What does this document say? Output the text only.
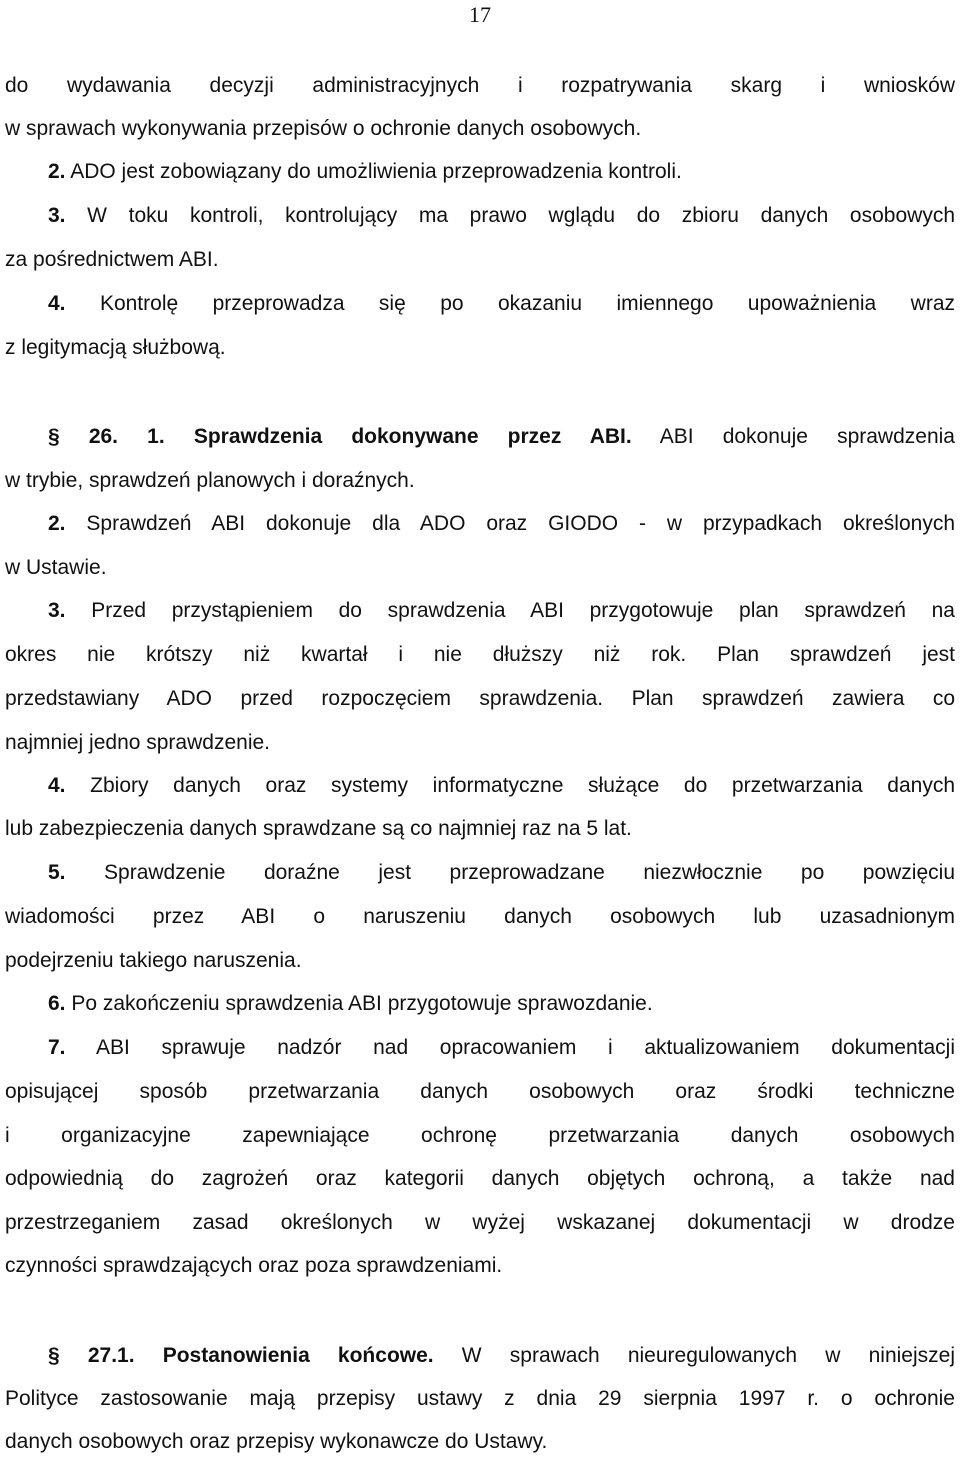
17
do wydawania decyzji administracyjnych i rozpatrywania skarg i wniosków
w sprawach wykonywania przepisów o ochronie danych osobowych.
2. ADO jest zobowiązany do umożliwienia przeprowadzenia kontroli.
3. W toku kontroli, kontrolujący ma prawo wglądu do zbioru danych osobowych
za pośrednictwem ABI.
4. Kontrolę przeprowadza się po okazaniu imiennego upoważnienia wraz
z legitymacją służbową.
§ 26. 1. Sprawdzenia dokonywane przez ABI. ABI dokonuje sprawdzenia
w trybie, sprawdzeń planowych i doraźnych.
2. Sprawdzeń ABI dokonuje dla ADO oraz GIODO - w przypadkach określonych
w Ustawie.
3. Przed przystąpieniem do sprawdzenia ABI przygotowuje plan sprawdzeń na
okres nie krótszy niż kwartał i nie dłuższy niż rok. Plan sprawdzeń jest
przedstawiany ADO przed rozpoczęciem sprawdzenia. Plan sprawdzeń zawiera co
najmniej jedno sprawdzenie.
4. Zbiory danych oraz systemy informatyczne służące do przetwarzania danych
lub zabezpieczenia danych sprawdzane są co najmniej raz na 5 lat.
5. Sprawdzenie doraźne jest przeprowadzane niezwłocznie po powzięciu
wiadomości przez ABI o naruszeniu danych osobowych lub uzasadnionym
podejrzeniu takiego naruszenia.
6. Po zakończeniu sprawdzenia ABI przygotowuje sprawozdanie.
7. ABI sprawuje nadzór nad opracowaniem i aktualizowaniem dokumentacji
opisującej sposób przetwarzania danych osobowych oraz środki techniczne
i organizacyjne zapewniające ochronę przetwarzania danych osobowych
odpowiednią do zagrożeń oraz kategorii danych objętych ochroną, a także nad
przestrzeganiem zasad określonych w wyżej wskazanej dokumentacji w drodze
czynności sprawdzających oraz poza sprawdzeniami.
§ 27.1. Postanowienia końcowe. W sprawach nieuregulowanych w niniejszej
Polityce zastosowanie mają przepisy ustawy z dnia 29 sierpnia 1997 r. o ochronie
danych osobowych oraz przepisy wykonawcze do Ustawy.
